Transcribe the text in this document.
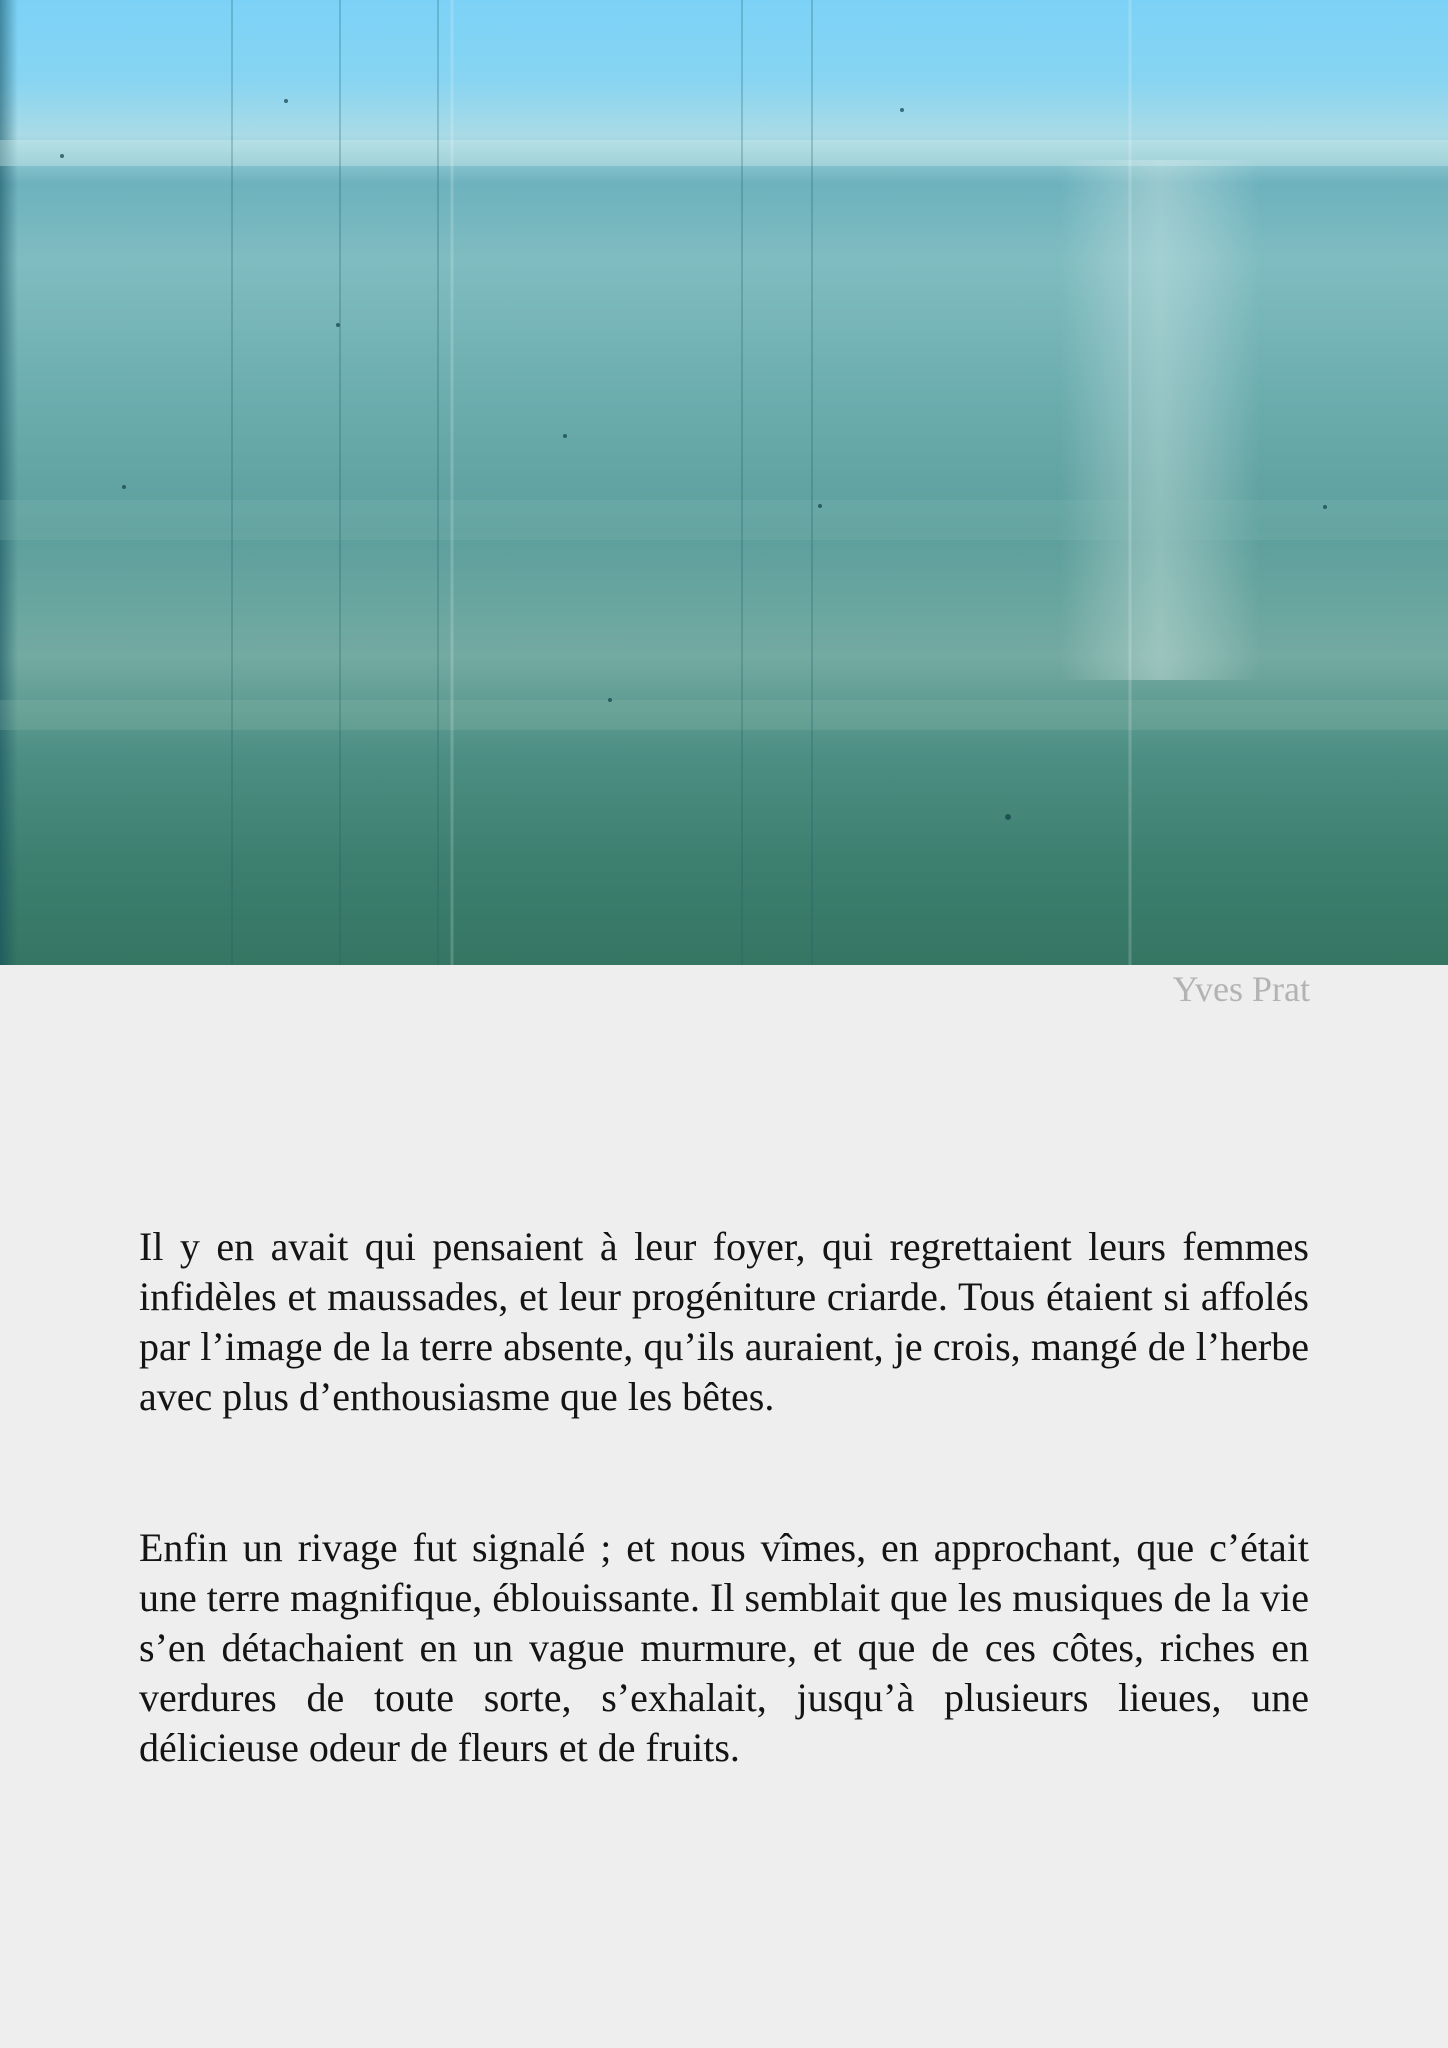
Yves Prat

Il y en avait qui pensaient à leur foyer, qui regrettaient leurs femmes infidèles et maussades, et leur progéniture criarde. Tous étaient si affolés par l’image de la terre absente, qu’ils auraient, je crois, mangé de l’herbe avec plus d’enthousiasme que les bêtes.

Enfin un rivage fut signalé ; et nous vîmes, en approchant, que c’était une terre magnifique, éblouissante. Il semblait que les musiques de la vie s’en détachaient en un vague murmure, et que de ces côtes, riches en verdures de toute sorte, s’exhalait, jusqu’à plusieurs lieues, une délicieuse odeur de fleurs et de fruits.
